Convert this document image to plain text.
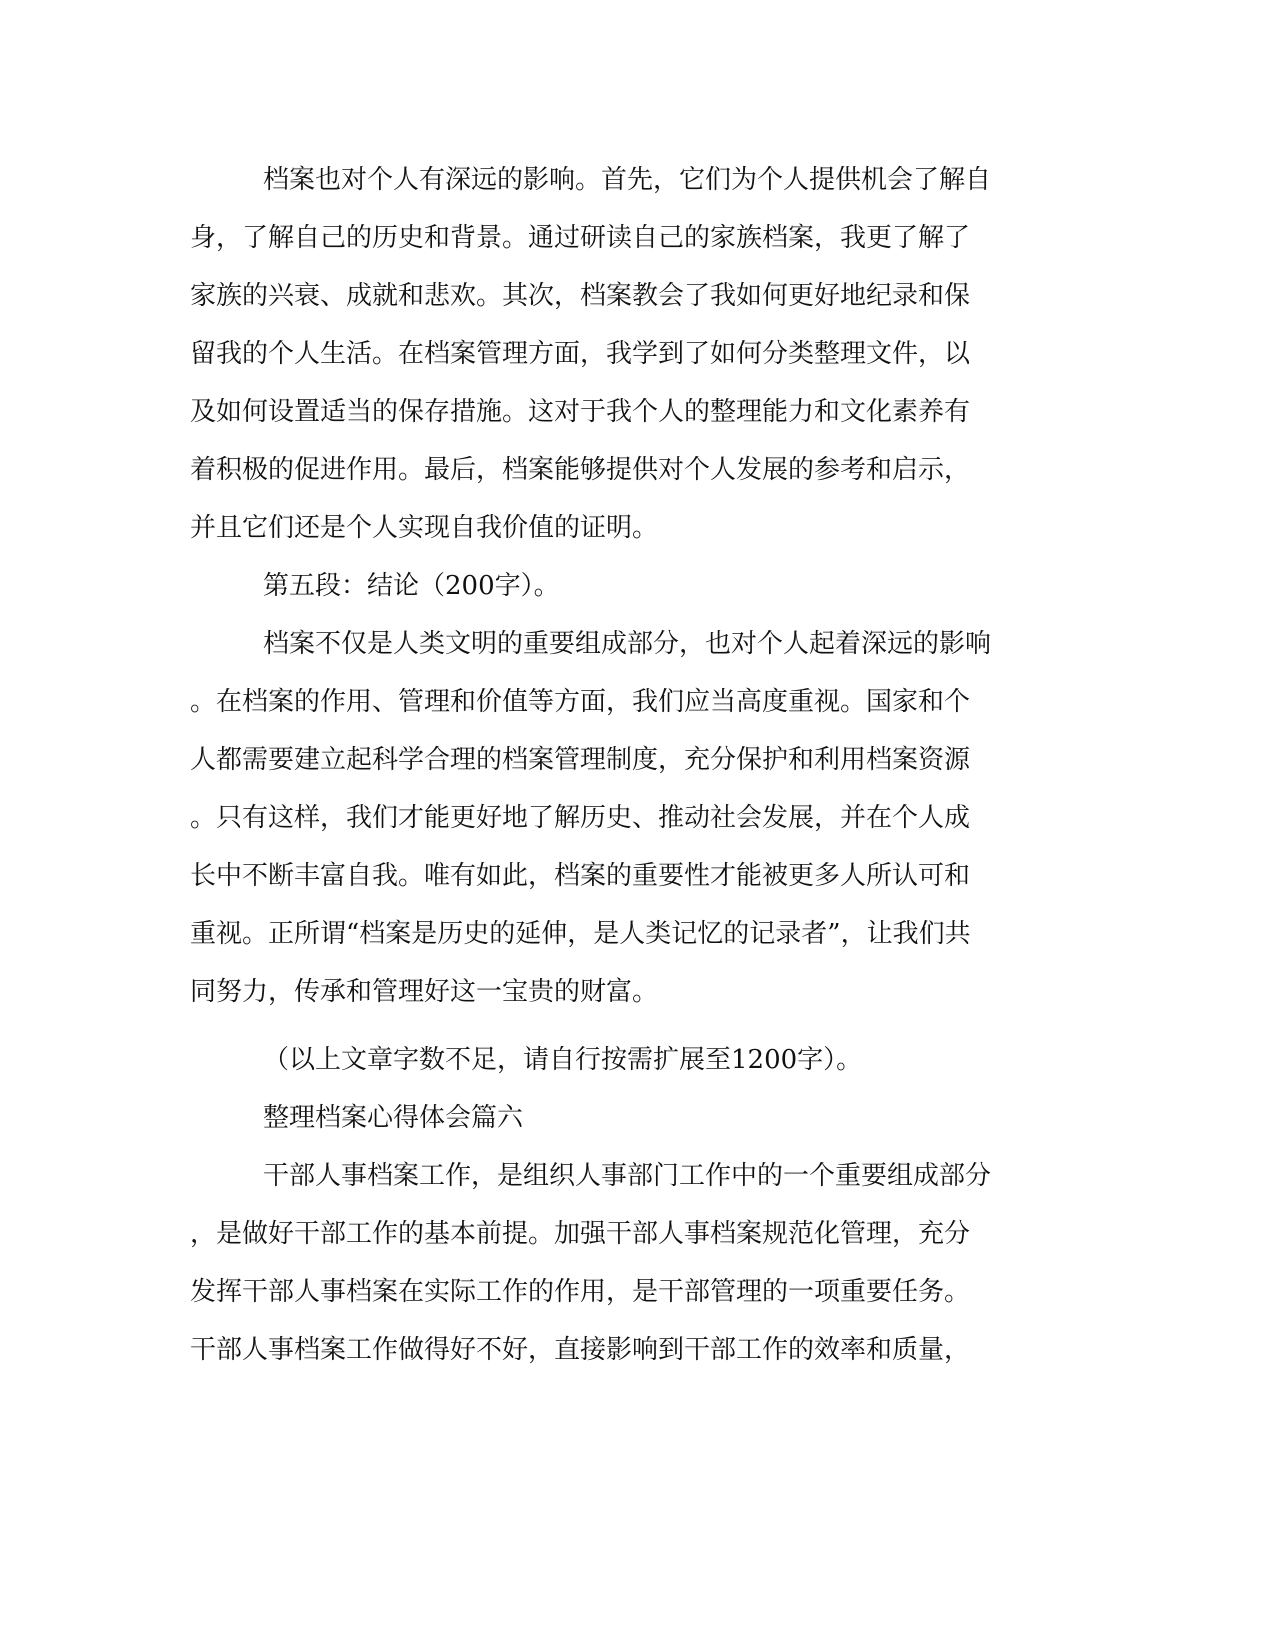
档案也对个人有深远的影响。首先，它们为个人提供机会了解自
身，了解自己的历史和背景。通过研读自己的家族档案，我更了解了
家族的兴衰、成就和悲欢。其次，档案教会了我如何更好地纪录和保
留我的个人生活。在档案管理方面，我学到了如何分类整理文件，以
及如何设置适当的保存措施。这对于我个人的整理能力和文化素养有
着积极的促进作用。最后，档案能够提供对个人发展的参考和启示，
并且它们还是个人实现自我价值的证明。
第五段：结论（200字）。
档案不仅是人类文明的重要组成部分，也对个人起着深远的影响
。在档案的作用、管理和价值等方面，我们应当高度重视。国家和个
人都需要建立起科学合理的档案管理制度，充分保护和利用档案资源
。只有这样，我们才能更好地了解历史、推动社会发展，并在个人成
长中不断丰富自我。唯有如此，档案的重要性才能被更多人所认可和
重视。正所谓“档案是历史的延伸，是人类记忆的记录者”，让我们共
同努力，传承和管理好这一宝贵的财富。
（以上文章字数不足，请自行按需扩展至1200字）。
整理档案心得体会篇六
干部人事档案工作，是组织人事部门工作中的一个重要组成部分
，是做好干部工作的基本前提。加强干部人事档案规范化管理，充分
发挥干部人事档案在实际工作的作用，是干部管理的一项重要任务。
干部人事档案工作做得好不好，直接影响到干部工作的效率和质量，
